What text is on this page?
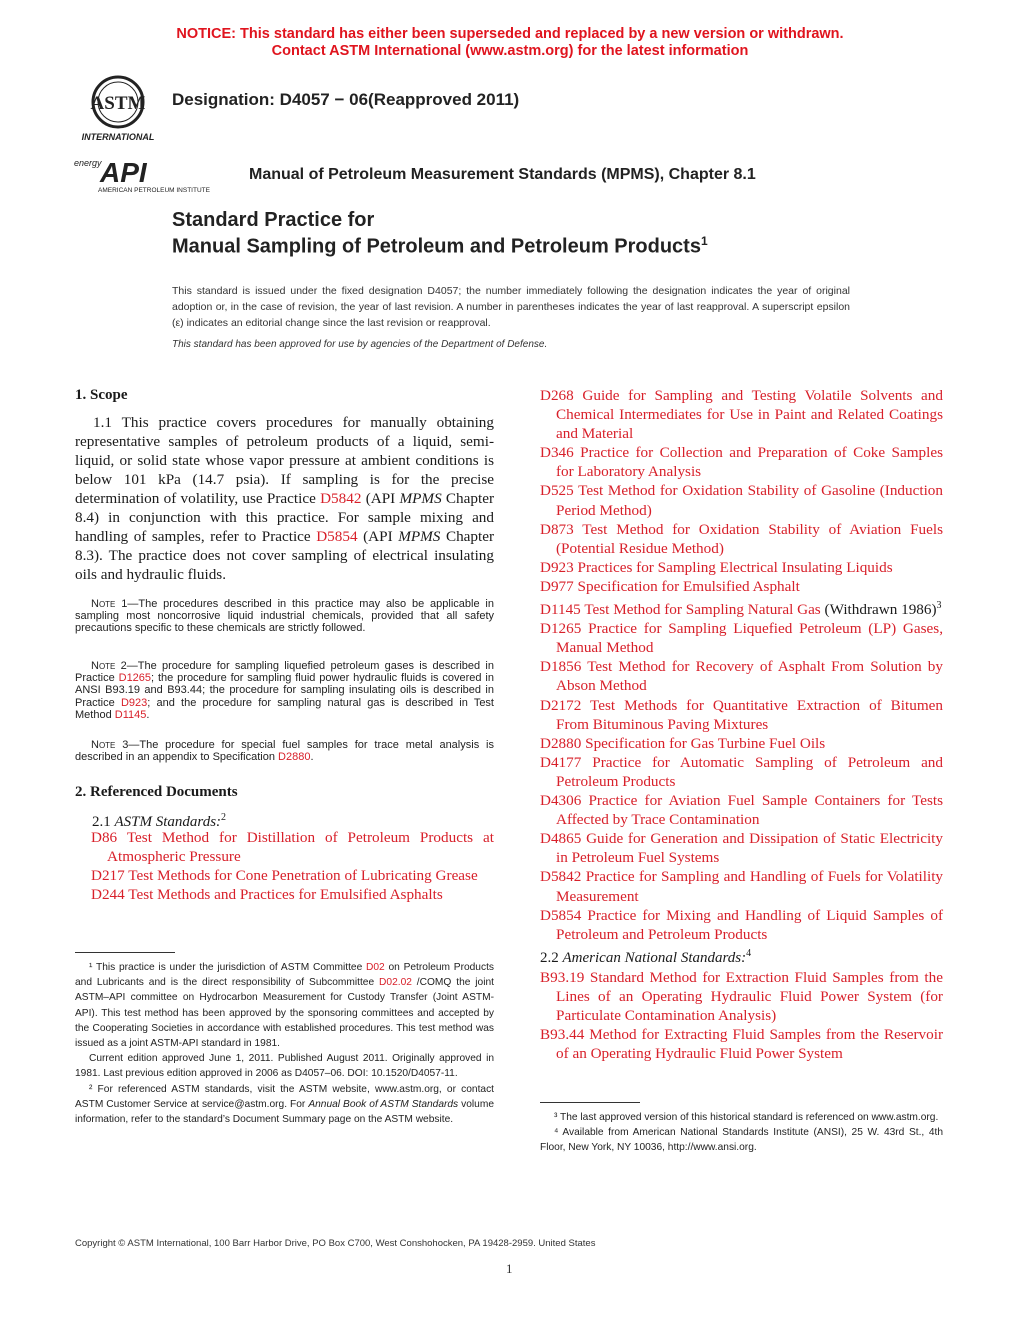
NOTICE: This standard has either been superseded and replaced by a new version or withdrawn.
Contact ASTM International (www.astm.org) for the latest information
ASTM
INTERNATIONAL
energy
API
AMERICAN PETROLEUM INSTITUTE
Designation: D4057 − 06(Reapproved 2011)
Manual of Petroleum Measurement Standards (MPMS), Chapter 8.1
Standard Practice for
Manual Sampling of Petroleum and Petroleum Products$^1$
This standard is issued under the fixed designation D4057; the number immediately following the designation indicates the year of original adoption or, in the case of revision, the year of last revision. A number in parentheses indicates the year of last reapproval. A superscript epsilon (ε) indicates an editorial change since the last revision or reapproval.
This standard has been approved for use by agencies of the Department of Defense.
1. Scope
1.1 This practice covers procedures for manually obtaining representative samples of petroleum products of a liquid, semi-liquid, or solid state whose vapor pressure at ambient conditions is below 101 kPa (14.7 psia). If sampling is for the precise determination of volatility, use Practice D5842 (API MPMS Chapter 8.4) in conjunction with this practice. For sample mixing and handling of samples, refer to Practice D5854 (API MPMS Chapter 8.3). The practice does not cover sampling of electrical insulating oils and hydraulic fluids.
Note 1—The procedures described in this practice may also be applicable in sampling most noncorrosive liquid industrial chemicals, provided that all safety precautions specific to these chemicals are strictly followed.
Note 2—The procedure for sampling liquefied petroleum gases is described in Practice D1265; the procedure for sampling fluid power hydraulic fluids is covered in ANSI B93.19 and B93.44; the procedure for sampling insulating oils is described in Practice D923; and the procedure for sampling natural gas is described in Test Method D1145.
Note 3—The procedure for special fuel samples for trace metal analysis is described in an appendix to Specification D2880.
2. Referenced Documents
2.1 ASTM Standards:$^2$

D86 Test Method for Distillation of Petroleum Products at Atmospheric Pressure

D217 Test Methods for Cone Penetration of Lubricating Grease

D244 Test Methods and Practices for Emulsified Asphalts

¹ This practice is under the jurisdiction of ASTM Committee D02 on Petroleum Products and Lubricants and is the direct responsibility of Subcommittee D02.02 /COMQ the joint ASTM–API committee on Hydrocarbon Measurement for Custody Transfer (Joint ASTM-API). This test method has been approved by the sponsoring committees and accepted by the Cooperating Societies in accordance with established procedures. This test method was issued as a joint ASTM-API standard in 1981.

Current edition approved June 1, 2011. Published August 2011. Originally approved in 1981. Last previous edition approved in 2006 as D4057–06. DOI: 10.1520/D4057-11.

² For referenced ASTM standards, visit the ASTM website, www.astm.org, or contact ASTM Customer Service at service@astm.org. For Annual Book of ASTM Standards volume information, refer to the standard’s Document Summary page on the ASTM website.

D268 Guide for Sampling and Testing Volatile Solvents and Chemical Intermediates for Use in Paint and Related Coatings and Material

D346 Practice for Collection and Preparation of Coke Samples for Laboratory Analysis

D525 Test Method for Oxidation Stability of Gasoline (Induction Period Method)

D873 Test Method for Oxidation Stability of Aviation Fuels (Potential Residue Method)

D923 Practices for Sampling Electrical Insulating Liquids

D977 Specification for Emulsified Asphalt

D1145 Test Method for Sampling Natural Gas (Withdrawn 1986)$^3$

D1265 Practice for Sampling Liquefied Petroleum (LP) Gases, Manual Method

D1856 Test Method for Recovery of Asphalt From Solution by Abson Method

D2172 Test Methods for Quantitative Extraction of Bitumen From Bituminous Paving Mixtures

D2880 Specification for Gas Turbine Fuel Oils

D4177 Practice for Automatic Sampling of Petroleum and Petroleum Products

D4306 Practice for Aviation Fuel Sample Containers for Tests Affected by Trace Contamination

D4865 Guide for Generation and Dissipation of Static Electricity in Petroleum Fuel Systems

D5842 Practice for Sampling and Handling of Fuels for Volatility Measurement

D5854 Practice for Mixing and Handling of Liquid Samples of Petroleum and Petroleum Products

2.2 American National Standards:$^4$

B93.19 Standard Method for Extraction Fluid Samples from the Lines of an Operating Hydraulic Fluid Power System (for Particulate Contamination Analysis)

B93.44 Method for Extracting Fluid Samples from the Reservoir of an Operating Hydraulic Fluid Power System

³ The last approved version of this historical standard is referenced on www.astm.org.

⁴ Available from American National Standards Institute (ANSI), 25 W. 43rd St., 4th Floor, New York, NY 10036, http://www.ansi.org.

Copyright © ASTM International, 100 Barr Harbor Drive, PO Box C700, West Conshohocken, PA 19428-2959. United States
1
